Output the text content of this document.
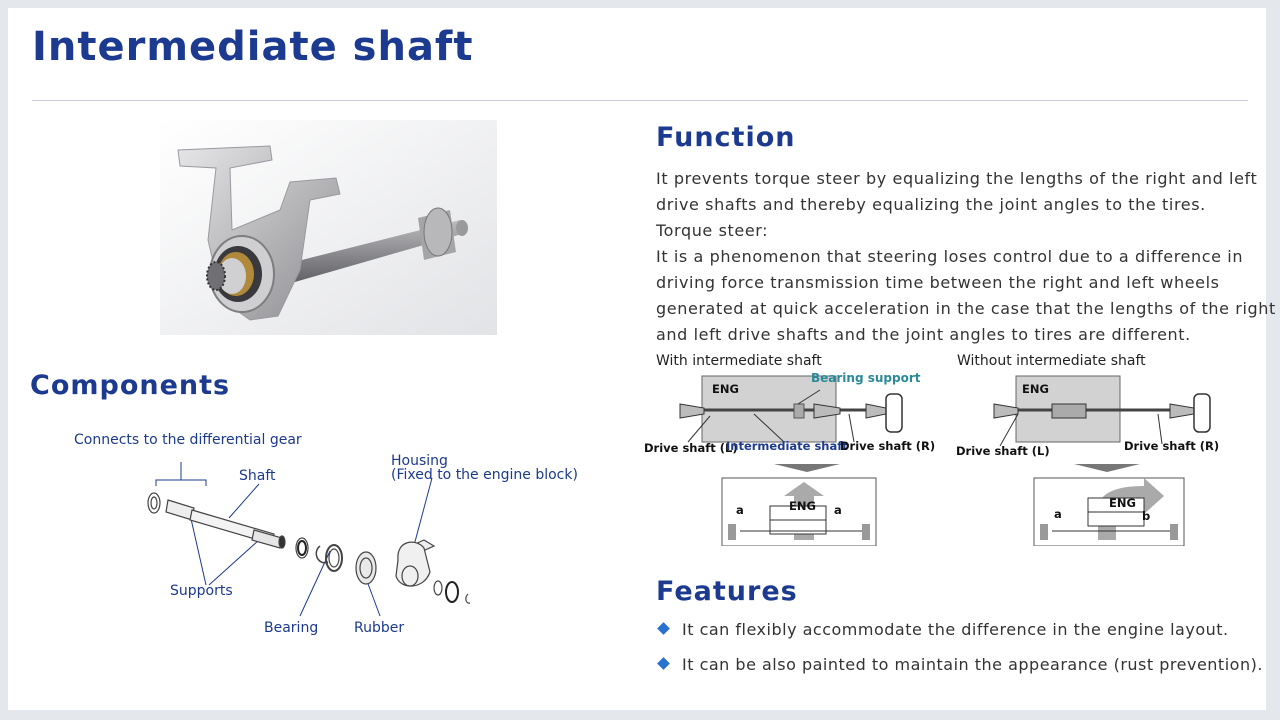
Intermediate shaft
Components
Connects to the differential gear
Shaft
Housing
(Fixed to the engine block)
Supports
Bearing	Rubber
Function
It prevents torque steer by equalizing the lengths of the right and left
drive shafts and thereby equalizing the joint angles to the tires.
Torque steer:
It is a phenomenon that steering loses control due to a difference in
driving force transmission time between the right and left wheels
generated at quick acceleration in the case that the lengths of the right
and left drive shafts and the joint angles to tires are different.
With intermediate shaft
ENG
Bearing support
Drive shaft (L)
Intermediate shaft
Drive shaft (R)
ENG
a	a
Without intermediate shaft
ENG
Drive shaft (L)	Drive shaft (R)
ENG
a	b
Features
It can flexibly accommodate the difference in the engine layout.
It can be also painted to maintain the appearance (rust prevention).
